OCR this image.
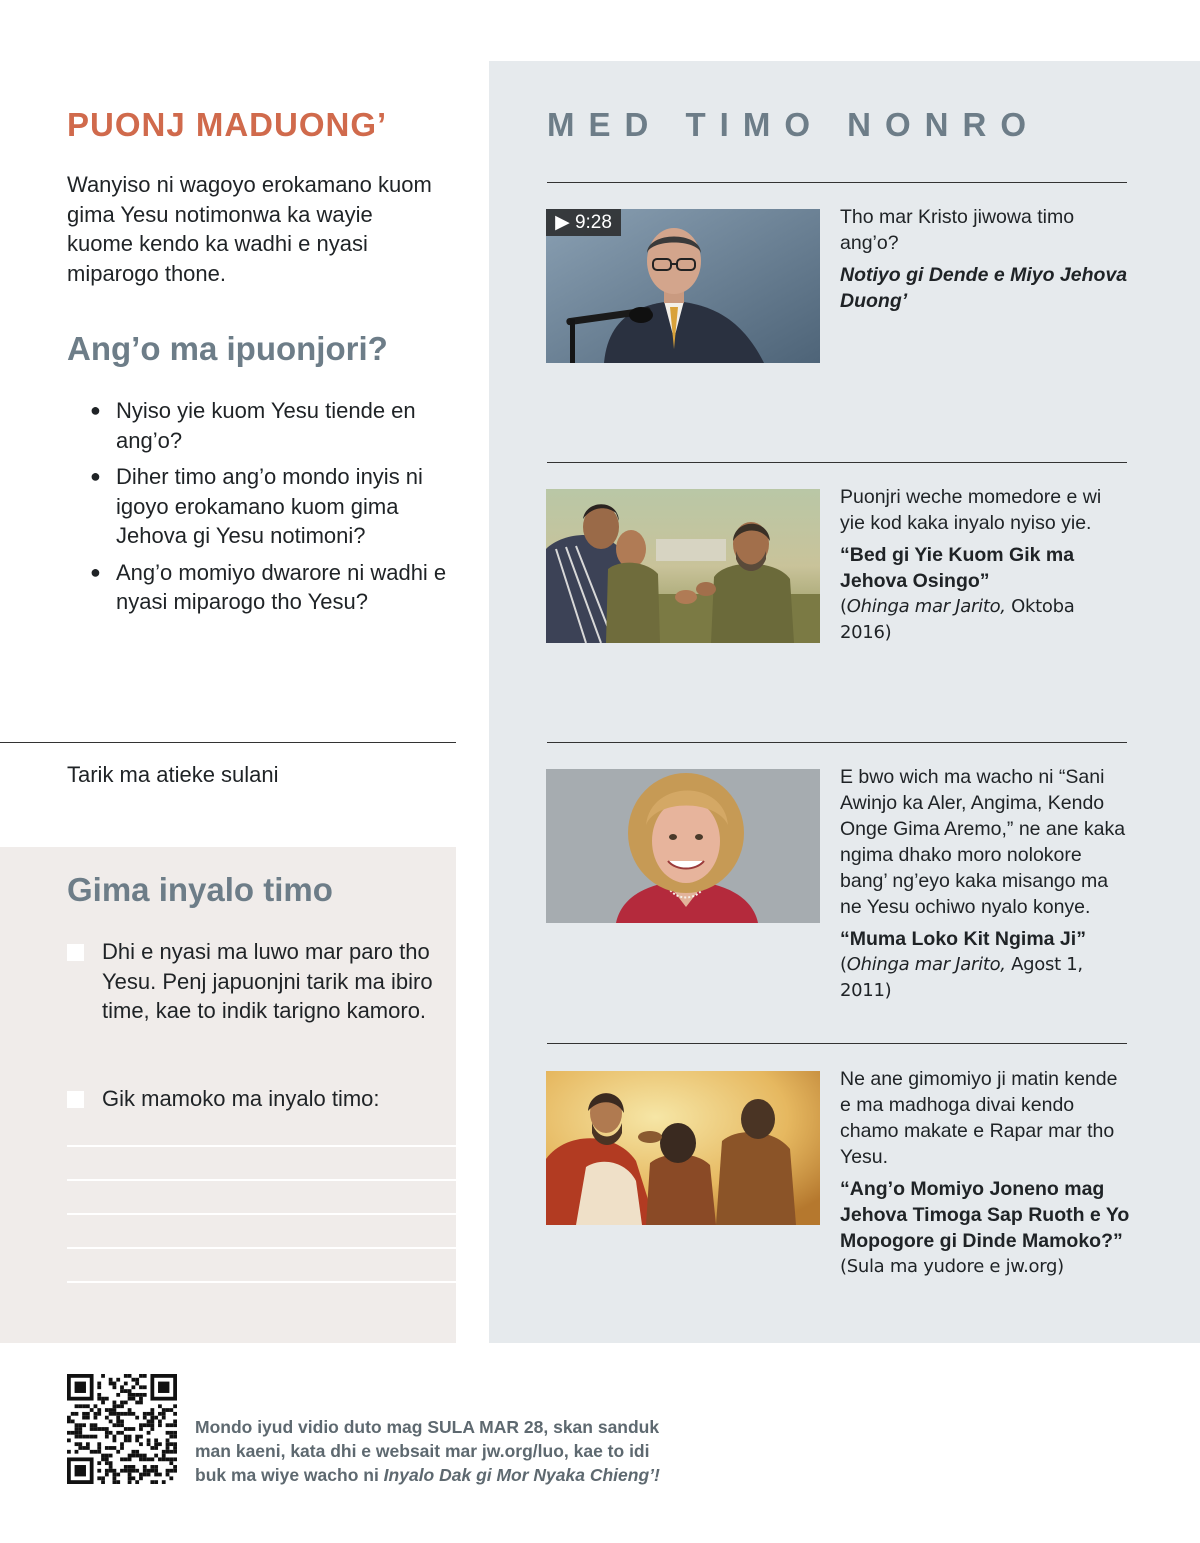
PUONJ MADUONG’

Wanyiso ni wagoyo erokamano kuom gima Yesu notimonwa ka wayie kuome kendo ka wadhi e nyasi miparogo thone.

Ang’o ma ipuonjori?
● Nyiso yie kuom Yesu tiende en ang’o?
● Diher timo ang’o mondo inyis ni igoyo erokamano kuom gima Jehova gi Yesu notimoni?
● Ang’o momiyo dwarore ni wadhi e nyasi miparogo tho Yesu?
Tarik ma atieke sulani
Gima inyalo timo
Dhi e nyasi ma luwo mar paro tho Yesu. Penj japuonjni tarik ma ibiro time, kae to indik tarigno kamoro.
Gik mamoko ma inyalo timo:
MED TIMO NONRO
▶ 9:28	Tho mar Kristo jiwowa timo ang’o?

Notiyo gi Dende e Miyo Jehova Duong’

Puonjri weche momedore e wi yie kod kaka inyalo nyiso yie.

“Bed gi Yie Kuom Gik ma Jehova Osingo”

(Ohinga mar Jarito, Oktoba 2016)

E bwo wich ma wacho ni “Sani Awinjo ka Aler, Angima, Kendo Onge Gima Aremo,” ne ane kaka ngima dhako moro nolokore bang’ ng’eyo kaka misango ma ne Yesu ochiwo nyalo konye.

“Muma Loko Kit Ngima Ji”

(Ohinga mar Jarito, Agost 1, 2011)

Ne ane gimomiyo ji matin kende e ma madhoga divai kendo chamo makate e Rapar mar tho Yesu.

“Ang’o Momiyo Joneno mag Jehova Timoga Sap Ruoth e Yo Mopogore gi Dinde Mamoko?”

(Sula ma yudore e jw.org)

Mondo iyud vidio duto mag SULA MAR 28, skan sanduk man kaeni, kata dhi e websait mar jw.org/luo, kae to idi buk ma wiye wacho ni Inyalo Dak gi Mor Nyaka Chieng’!
